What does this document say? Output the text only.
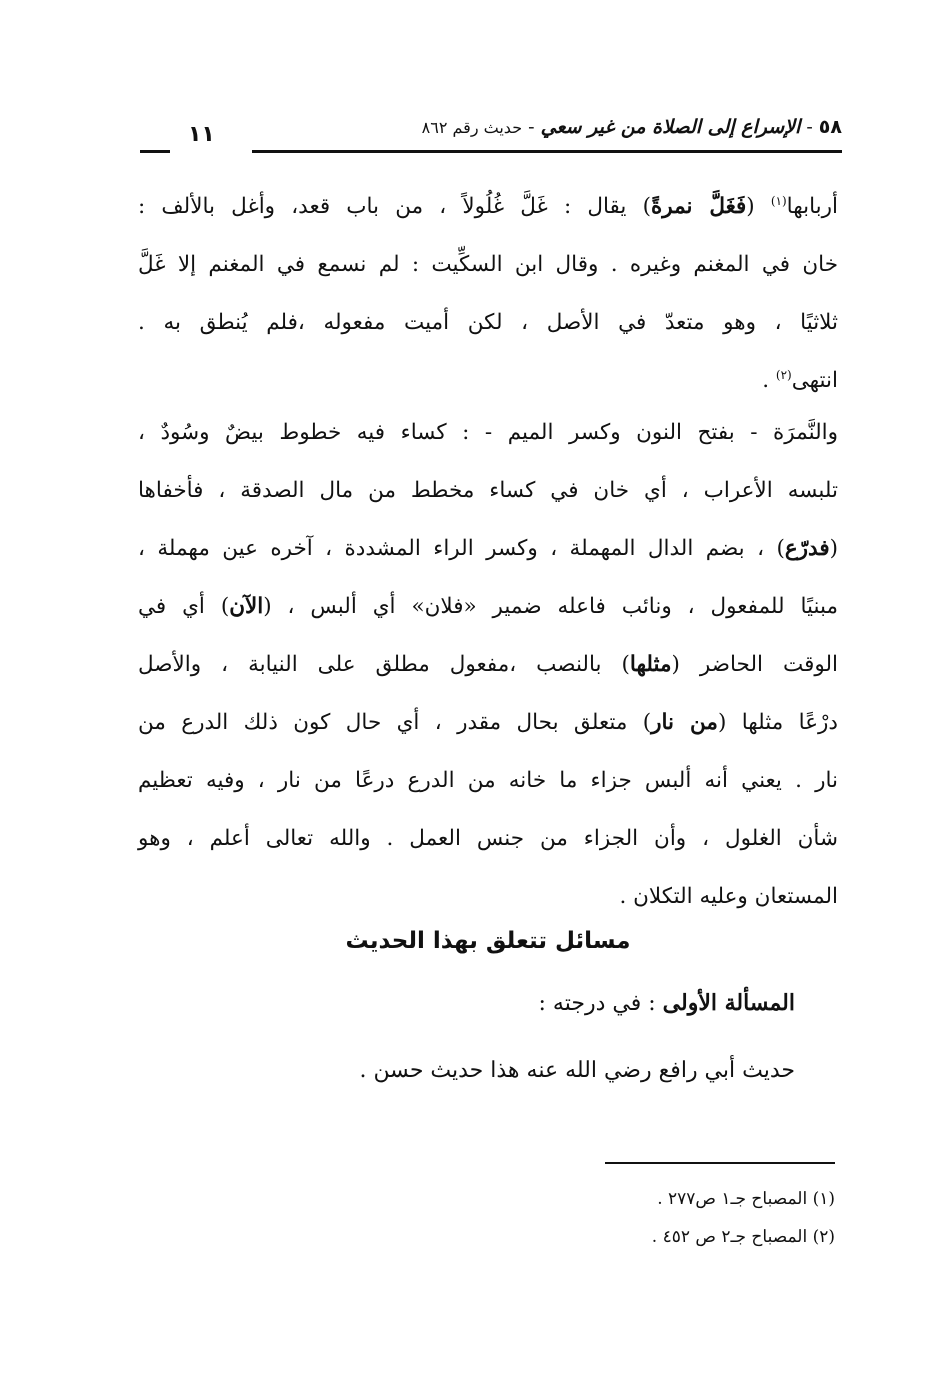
٥٨ - الإسراع إلى الصلاة من غير سعي - حديث رقم ٨٦٢
١١
أربابها$^{(١)}$ (فَغَلَّ نمرةً) يقال : غَلَّ غُلُولاً ، من باب قعد، وأغل بالألف :
خان في المغنم وغيره . وقال ابن السكِّيت : لم نسمع في المغنم إلا غَلَّ
ثلاثيًا ، وهو متعدّ في الأصل ، لكن أميت مفعوله ،فلم يُنطق به .
انتهى$^{(٢)}$ .
والنَّمرَة - بفتح النون وكسر الميم - : كساء فيه خطوط بيضٌ وسُودٌ ،
تلبسه الأعراب ، أي خان في كساء مخطط من مال الصدقة ، فأخفاها
(فدرّع) ، بضم الدال المهملة ، وكسر الراء المشددة ، آخره عين مهملة ،
مبنيًا للمفعول ، ونائب فاعله ضمير «فلان» أي ألبس ، (الآن) أي في
الوقت الحاضر (مثلها) بالنصب ،مفعول مطلق على النيابة ، والأصل
درْعًا مثلها (من نار) متعلق بحال مقدر ، أي حال كون ذلك الدرع من
نار . يعني أنه ألبس جزاء ما خانه من الدرع درعًا من نار ، وفيه تعظيم
شأن الغلول ، وأن الجزاء من جنس العمل . والله تعالى أعلم ، وهو
المستعان وعليه التكلان .
مسائل تتعلق بهذا الحديث
المسألة الأولى : في درجته :
حديث أبي رافع رضي الله عنه هذا حديث حسن .
(١) المصباح جـ١ ص٢٧٧ .
(٢) المصباح جـ٢ ص ٤٥٢ .
